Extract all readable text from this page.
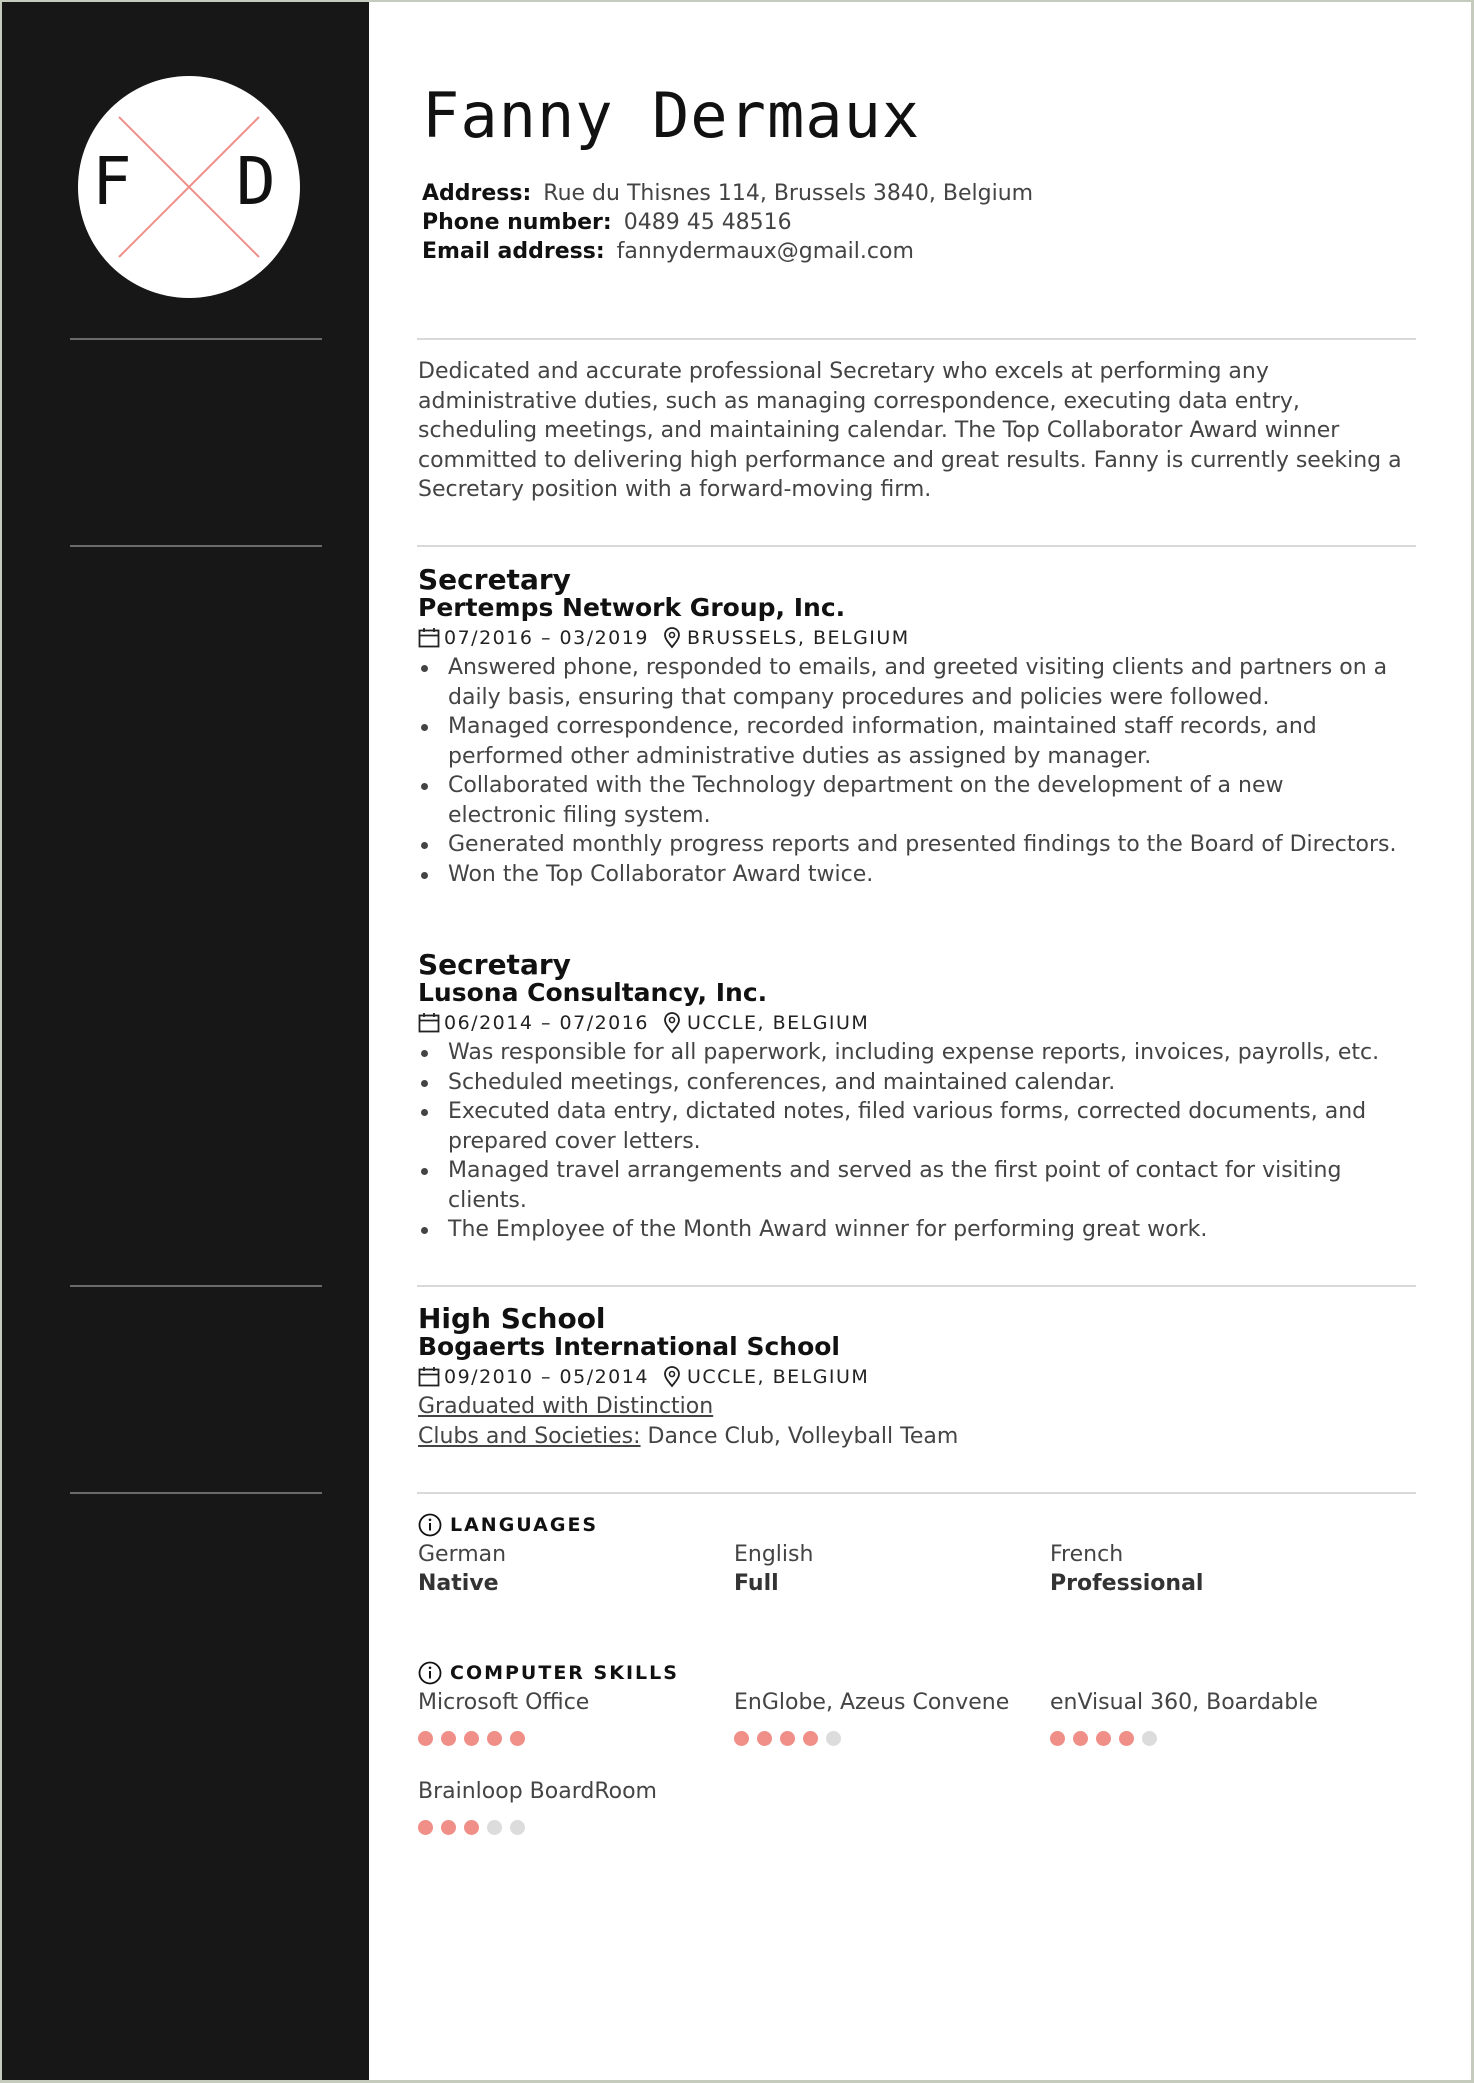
F D
Fanny Dermaux
Address: Rue du Thisnes 114, Brussels 3840, Belgium
Phone number: 0489 45 48516
Email address: fannydermaux@gmail.com
Dedicated and accurate professional Secretary who excels at performing any administrative duties, such as managing correspondence, executing data entry, scheduling meetings, and maintaining calendar. The Top Collaborator Award winner committed to delivering high performance and great results. Fanny is currently seeking a Secretary position with a forward-moving firm.
Secretary
Pertemps Network Group, Inc.
07/2016 – 03/2019 BRUSSELS, BELGIUM
Answered phone, responded to emails, and greeted visiting clients and partners on a daily basis, ensuring that company procedures and policies were followed.
Managed correspondence, recorded information, maintained staff records, and performed other administrative duties as assigned by manager.
Collaborated with the Technology department on the development of a new electronic filing system.
Generated monthly progress reports and presented findings to the Board of Directors.
Won the Top Collaborator Award twice.
Secretary
Lusona Consultancy, Inc.
06/2014 – 07/2016 UCCLE, BELGIUM
Was responsible for all paperwork, including expense reports, invoices, payrolls, etc.
Scheduled meetings, conferences, and maintained calendar.
Executed data entry, dictated notes, filed various forms, corrected documents, and prepared cover letters.
Managed travel arrangements and served as the first point of contact for visiting clients.
The Employee of the Month Award winner for performing great work.
High School
Bogaerts International School
09/2010 – 05/2014 UCCLE, BELGIUM
Graduated with Distinction
Clubs and Societies: Dance Club, Volleyball Team
LANGUAGES
German
Native
English
Full
French
Professional
COMPUTER SKILLS
Microsoft Office	EnGlobe, Azeus Convene	enVisual 360, Boardable
Brainloop BoardRoom
